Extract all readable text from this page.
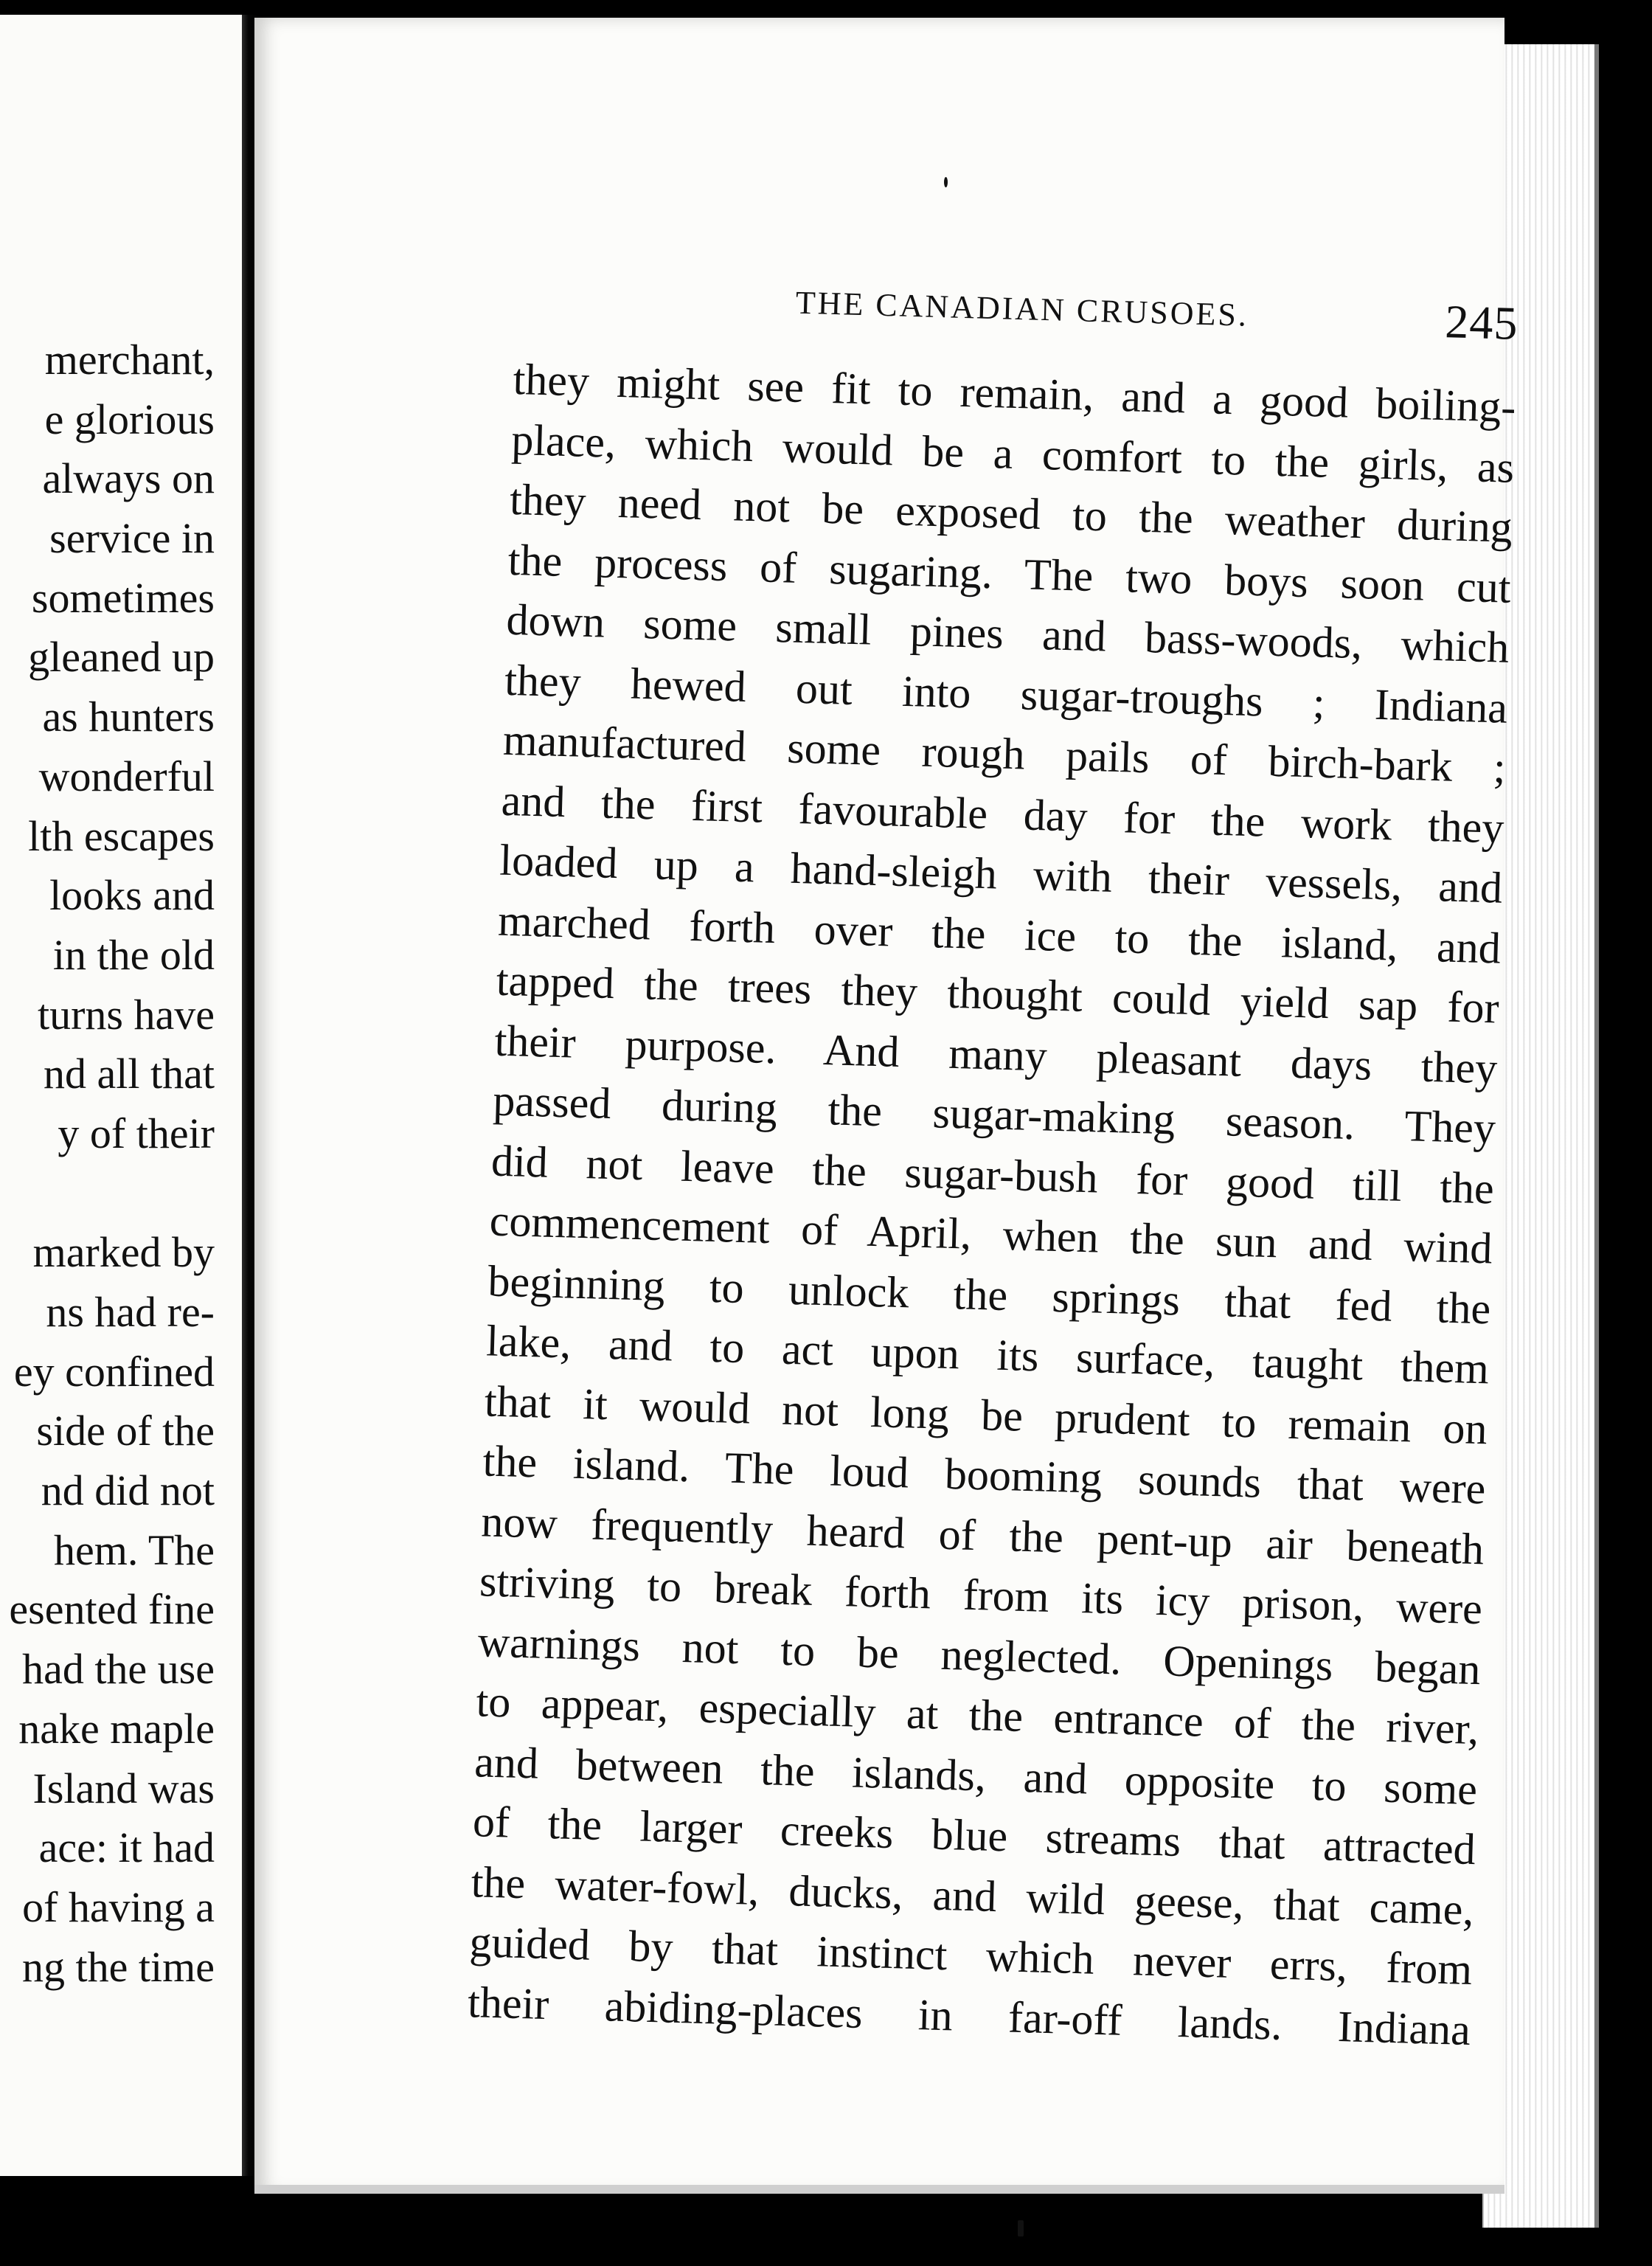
merchant,
e glorious
always on
service in
sometimes
gleaned up
as hunters
wonderful
lth escapes
looks and
in the old
turns have
nd all that
y of their
marked by
ns had re-
ey confined
side of the
nd did not
hem. The
esented fine
had the use
nake maple
Island was
ace: it had
of having a
ng the time
THE CANADIAN CRUSOES.	245
they might see fit to remain, and a good boiling-
place, which would be a comfort to the girls, as
they need not be exposed to the weather during
the process of sugaring. The two boys soon cut
down some small pines and bass-woods, which
they hewed out into sugar-troughs ; Indiana
manufactured some rough pails of birch-bark ;
and the first favourable day for the work they
loaded up a hand-sleigh with their vessels, and
marched forth over the ice to the island, and
tapped the trees they thought could yield sap for
their purpose. And many pleasant days they
passed during the sugar-making season. They
did not leave the sugar-bush for good till the
commencement of April, when the sun and wind
beginning to unlock the springs that fed the
lake, and to act upon its surface, taught them
that it would not long be prudent to remain on
the island. The loud booming sounds that were
now frequently heard of the pent-up air beneath
striving to break forth from its icy prison, were
warnings not to be neglected. Openings began
to appear, especially at the entrance of the river,
and between the islands, and opposite to some
of the larger creeks blue streams that attracted
the water-fowl, ducks, and wild geese, that came,
guided by that instinct which never errs, from
their abiding-places in far-off lands. Indiana
